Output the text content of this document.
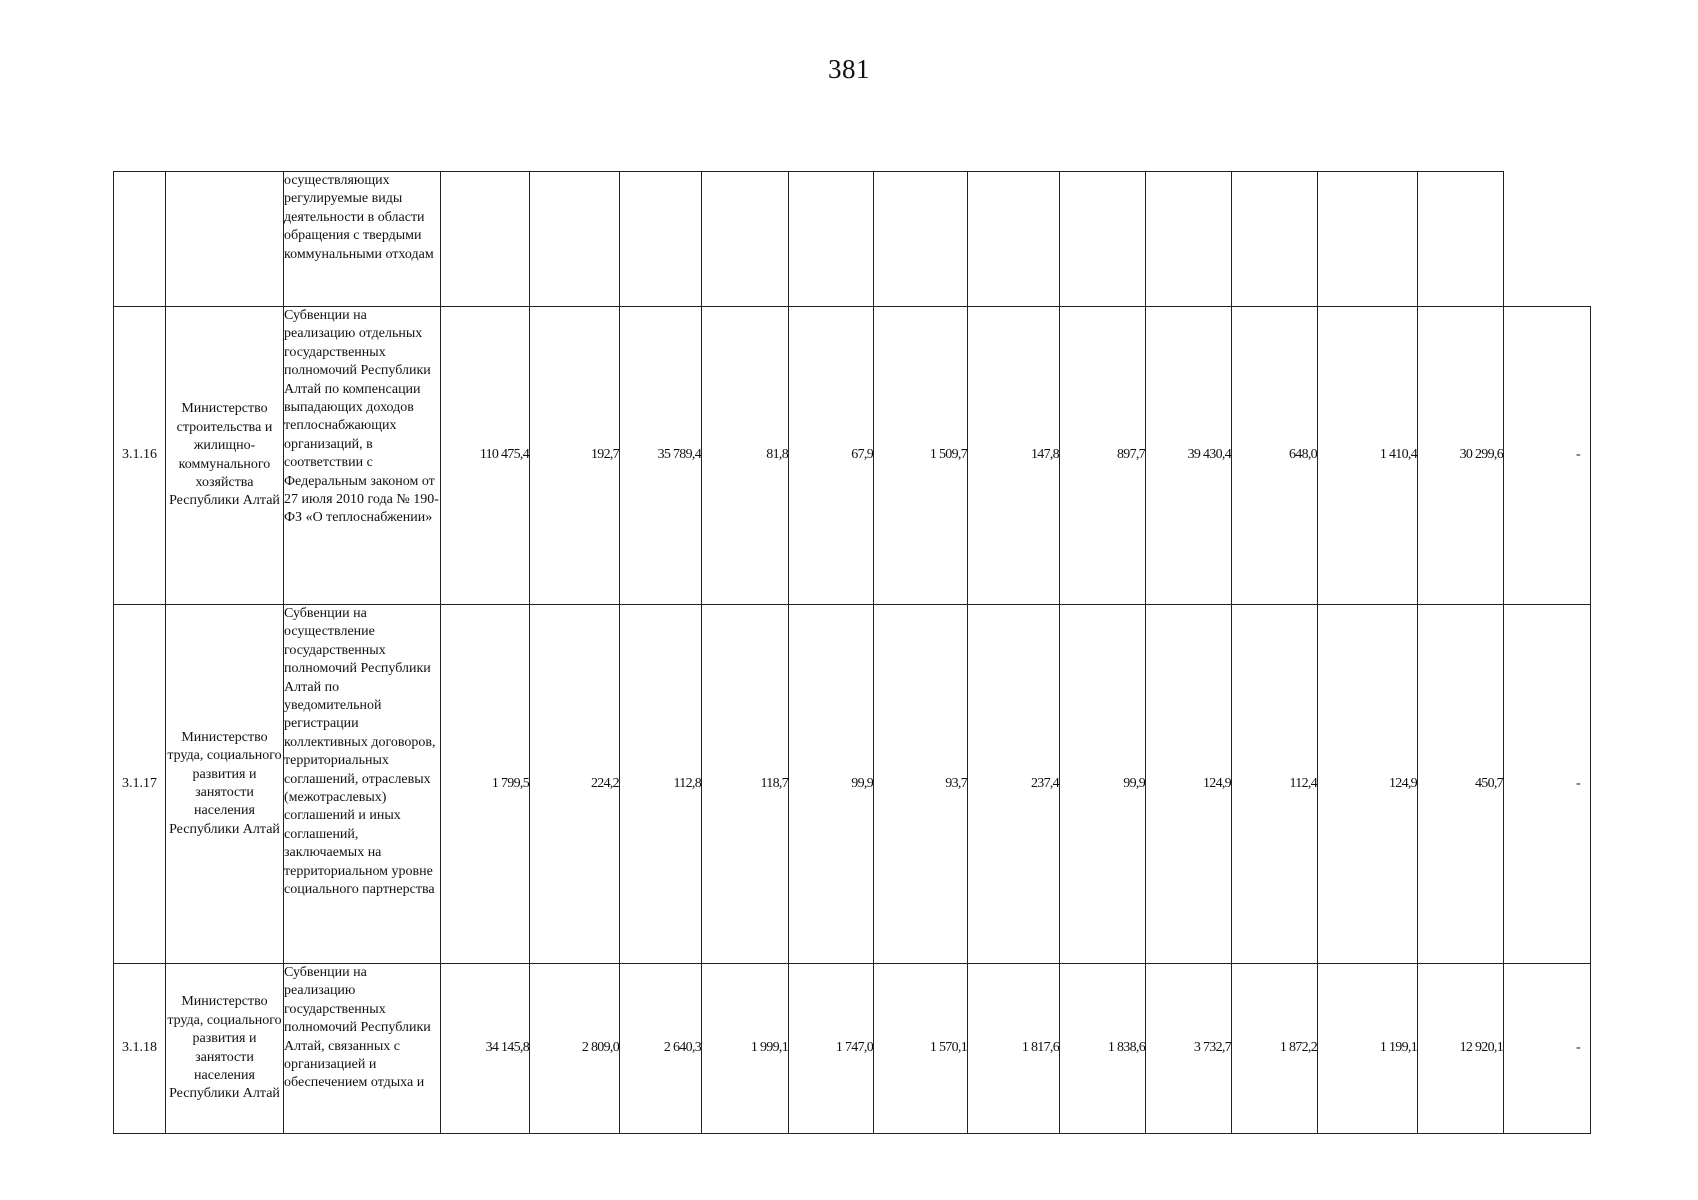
381
		осуществляющих регулируемые виды деятельности в области обращения с твердыми коммунальными отходам													
3.1.16	Министерство строительства и жилищно-коммунального хозяйства Республики Алтай	Субвенции на реализацию отдельных государственных полномочий Республики Алтай по компенсации выпадающих доходов теплоснабжающих организаций, в соответствии с Федеральным законом от 27 июля 2010 года № 190-ФЗ «О теплоснабжении»	110 475,4	192,7	35 789,4	81,8	67,9	1 509,7	147,8	897,7	39 430,4	648,0	1 410,4	30 299,6	-
3.1.17	Министерство труда, социального развития и занятости населения Республики Алтай	Субвенции на осуществление государственных полномочий Республики Алтай по уведомительной регистрации коллективных договоров, территориальных соглашений, отраслевых (межотраслевых) соглашений и иных соглашений, заключаемых на территориальном уровне социального партнерства	1 799,5	224,2	112,8	118,7	99,9	93,7	237,4	99,9	124,9	112,4	124,9	450,7	-
3.1.18	Министерство труда, социального развития и занятости населения Республики Алтай	Субвенции на реализацию государственных полномочий Республики Алтай, связанных с организацией и обеспечением отдыха и	34 145,8	2 809,0	2 640,3	1 999,1	1 747,0	1 570,1	1 817,6	1 838,6	3 732,7	1 872,2	1 199,1	12 920,1	-
